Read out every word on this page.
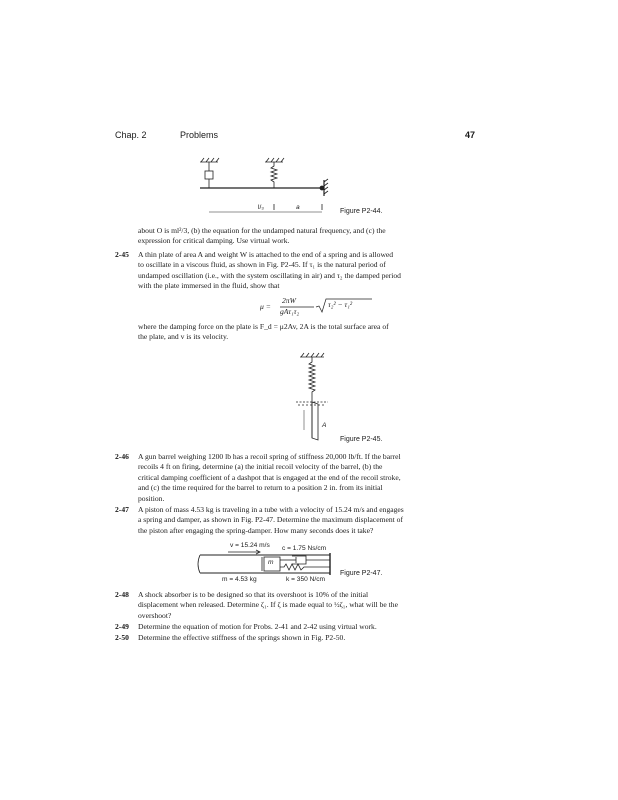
Chap. 2	Problems	47
l/₃	a
Figure P2-44.
about O is ml²/3, (b) the equation for the undamped natural frequency, and (c) the
expression for critical damping. Use virtual work.
2-45 A thin plate of area A and weight W is attached to the end of a spring and is allowed
to oscillate in a viscous fluid, as shown in Fig. P2-45. If τ₁ is the natural period of
undamped oscillation (i.e., with the system oscillating in air) and τ₂ the damped period
with the plate immersed in the fluid, show that
μ =
2πW
gAτ₁τ₂
τ₂² − τ₁²
where the damping force on the plate is F_d = μ2Av, 2A is the total surface area of
the plate, and v is its velocity.
A
Figure P2-45.
2-46 A gun barrel weighing 1200 lb has a recoil spring of stiffness 20,000 lb/ft. If the barrel
recoils 4 ft on firing, determine (a) the initial recoil velocity of the barrel, (b) the
critical damping coefficient of a dashpot that is engaged at the end of the recoil stroke,
and (c) the time required for the barrel to return to a position 2 in. from its initial
position.
2-47 A piston of mass 4.53 kg is traveling in a tube with a velocity of 15.24 m/s and engages
a spring and damper, as shown in Fig. P2-47. Determine the maximum displacement of
the piston after engaging the spring-damper. How many seconds does it take?
v = 15.24 m/s c = 1.75 Ns/cm
m
m = 4.53 kg	k = 350 N/cm
Figure P2-47.
2-48 A shock absorber is to be designed so that its overshoot is 10% of the initial
displacement when released. Determine ζ₁. If ζ is made equal to ½ζ₁, what will be the
overshoot?
2-49 Determine the equation of motion for Probs. 2-41 and 2-42 using virtual work.
2-50 Determine the effective stiffness of the springs shown in Fig. P2-50.
